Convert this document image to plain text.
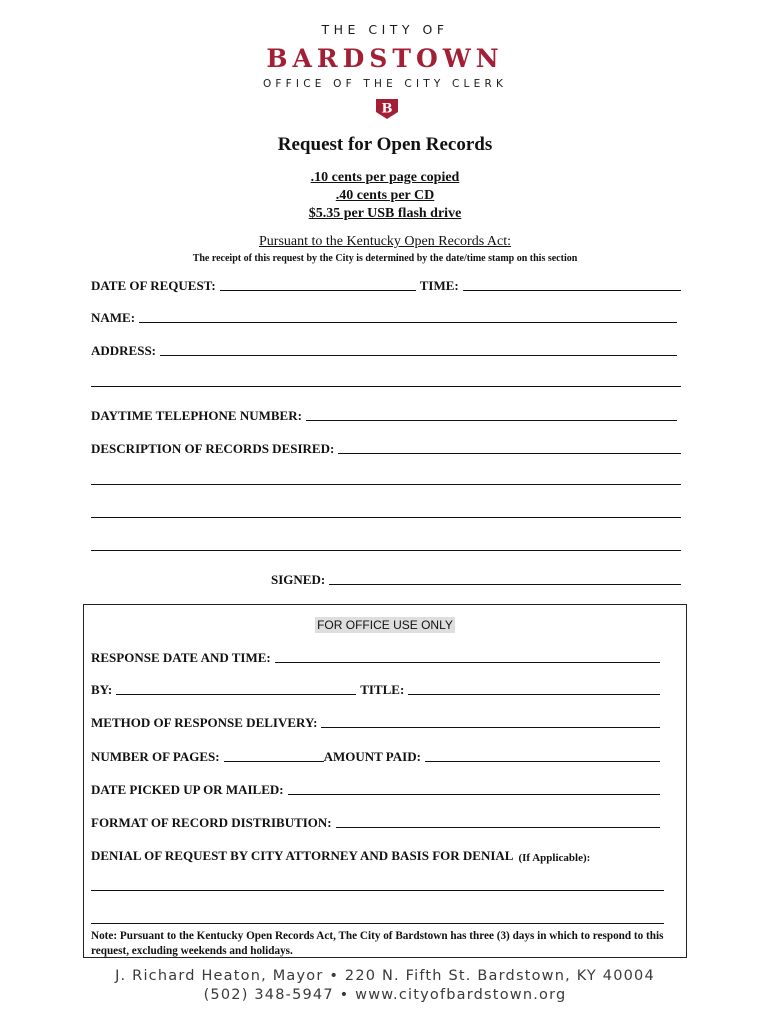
THE CITY OF
BARDSTOWN
OFFICE OF THE CITY CLERK
B
Request for Open Records
.10 cents per page copied
.40 cents per CD
$5.35 per USB flash drive
Pursuant to the Kentucky Open Records Act:
The receipt of this request by the City is determined by the date/time stamp on this section
DATE OF REQUEST:	TIME:
NAME:
ADDRESS:
DAYTIME TELEPHONE NUMBER:
DESCRIPTION OF RECORDS DESIRED:
SIGNED:
FOR OFFICE USE ONLY
RESPONSE DATE AND TIME:
BY:	TITLE:
METHOD OF RESPONSE DELIVERY:
NUMBER OF PAGES:	AMOUNT PAID:
DATE PICKED UP OR MAILED:
FORMAT OF RECORD DISTRIBUTION:
DENIAL OF REQUEST BY CITY ATTORNEY AND BASIS FOR DENIAL (If Applicable):
Note: Pursuant to the Kentucky Open Records Act, The City of Bardstown has three (3) days in which to respond to this request, excluding weekends and holidays.
J. Richard Heaton, Mayor • 220 N. Fifth St. Bardstown, KY 40004
(502) 348-5947 • www.cityofbardstown.org
